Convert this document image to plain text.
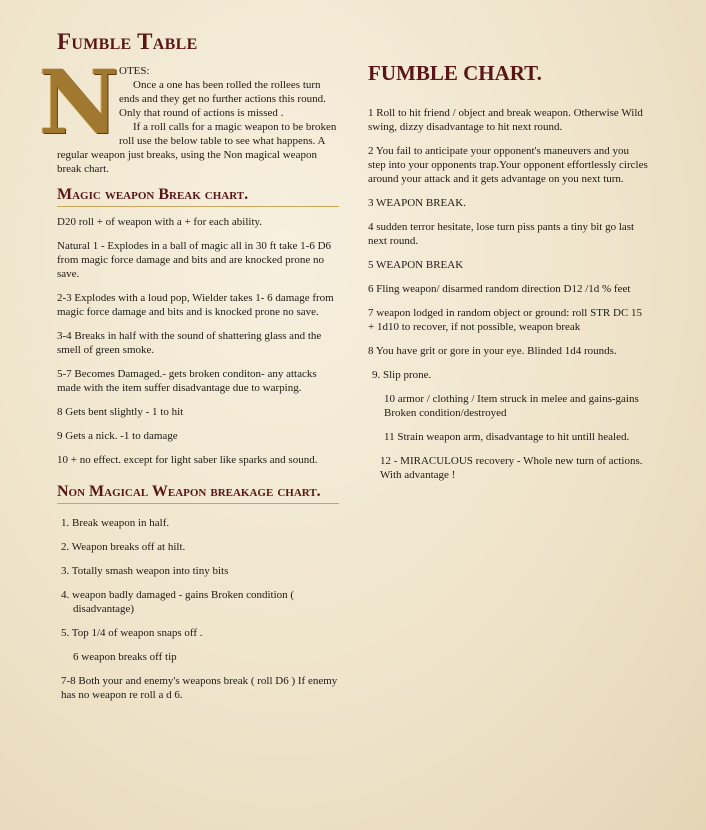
Fumble Table
N OTES:

Once a one has been rolled the rollees turn ends and they get no further actions this round. Only that round of actions is missed .

If a roll calls for a magic weapon to be broken roll use the below table to see what happens. A regular weapon just breaks, using the Non magical weapon break chart.

Magic weapon Break chart.

D20 roll + of weapon with a + for each ability.

Natural 1 - Explodes in a ball of magic all in 30 ft take 1-6 D6 from magic force damage and bits and are knocked prone no save.

2-3 Explodes with a loud pop, Wielder takes 1- 6 damage from magic force damage and bits and is knocked prone no save.

3-4 Breaks in half with the sound of shattering glass and the smell of green smoke.

5-7 Becomes Damaged.- gets broken conditon- any attacks made with the item suffer disadvantage due to warping.

8 Gets bent slightly - 1 to hit

9 Gets a nick. -1 to damage

10 + no effect. except for light saber like sparks and sound.

Non Magical Weapon breakage chart.

1. Break weapon in half.

2. Weapon breaks off at hilt.

3. Totally smash weapon into tiny bits

4. weapon badly damaged - gains Broken condition ( disadvantage)

5. Top 1/4 of weapon snaps off .

6 weapon breaks off tip

7-8 Both your and enemy's weapons break ( roll D6 ) If enemy has no weapon re roll a d 6.

FUMBLE CHART.

1 Roll to hit friend / object and break weapon. Otherwise Wild swing, dizzy disadvantage to hit next round.

2 You fail to anticipate your opponent's maneuvers and you step into your opponents trap.Your opponent effortlessly circles around your attack and it gets advantage on you next turn.

3 WEAPON BREAK.

4 sudden terror hesitate, lose turn piss pants a tiny bit go last next round.

5 WEAPON BREAK

6 Fling weapon/ disarmed random direction D12 /1d % feet

7 weapon lodged in random object or ground: roll STR DC 15 + 1d10 to recover, if not possible, weapon break

8 You have grit or gore in your eye. Blinded 1d4 rounds.

9. Slip prone.

10 armor / clothing / Item struck in melee and gains-gains Broken condition/destroyed

11 Strain weapon arm, disadvantage to hit untill healed.

12 - MIRACULOUS recovery - Whole new turn of actions. With advantage !
